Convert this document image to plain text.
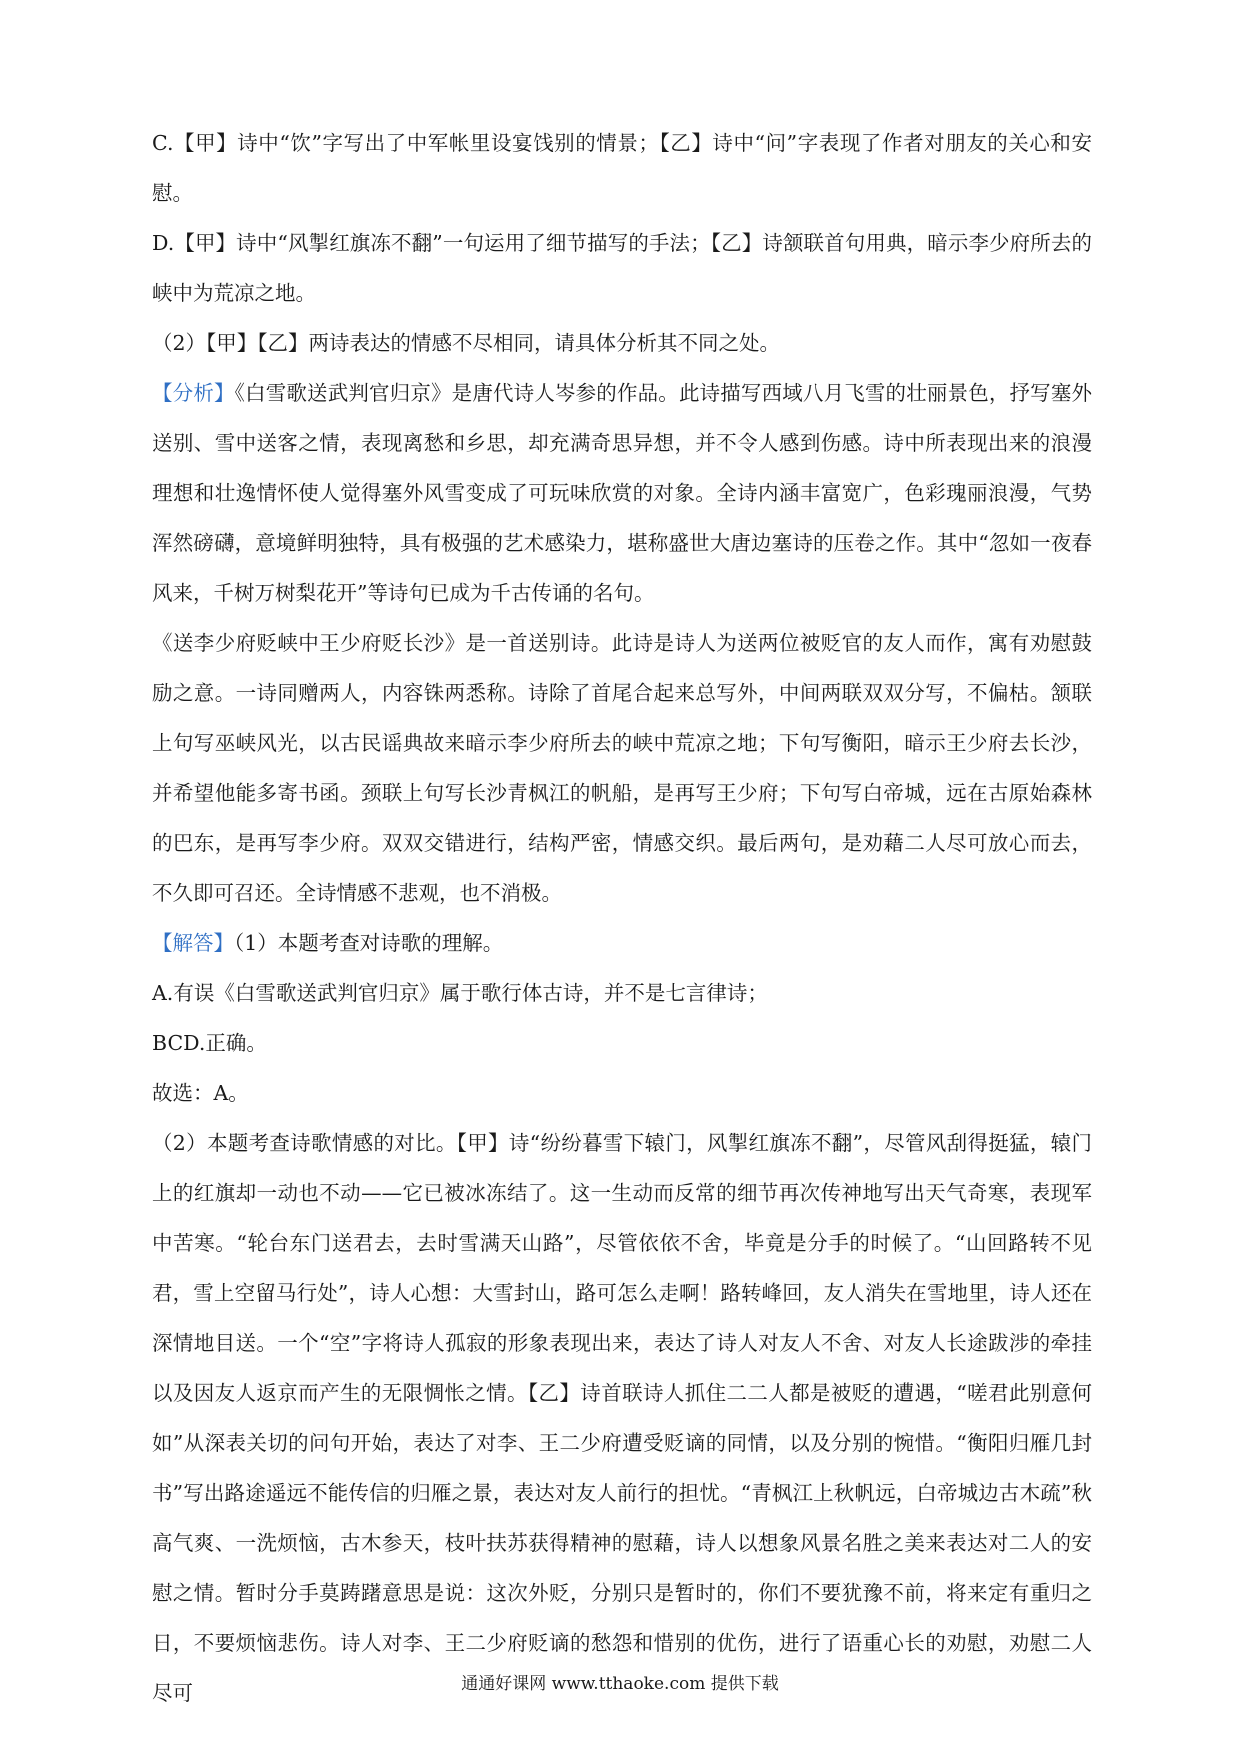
C.【甲】诗中“饮”字写出了中军帐里设宴饯别的情景；【乙】诗中“问”字表现了作者对朋友的关心和安慰。

D.【甲】诗中“风掣红旗冻不翻”一句运用了细节描写的手法；【乙】诗颔联首句用典，暗示李少府所去的峡中为荒凉之地。

（2）【甲】【乙】两诗表达的情感不尽相同，请具体分析其不同之处。

【分析】《白雪歌送武判官归京》是唐代诗人岑参的作品。此诗描写西域八月飞雪的壮丽景色，抒写塞外送别、雪中送客之情，表现离愁和乡思，却充满奇思异想，并不令人感到伤感。诗中所表现出来的浪漫理想和壮逸情怀使人觉得塞外风雪变成了可玩味欣赏的对象。全诗内涵丰富宽广，色彩瑰丽浪漫，气势浑然磅礴，意境鲜明独特，具有极强的艺术感染力，堪称盛世大唐边塞诗的压卷之作。其中“忽如一夜春风来，千树万树梨花开”等诗句已成为千古传诵的名句。

《送李少府贬峡中王少府贬长沙》是一首送别诗。此诗是诗人为送两位被贬官的友人而作，寓有劝慰鼓励之意。一诗同赠两人，内容铢两悉称。诗除了首尾合起来总写外，中间两联双双分写，不偏枯。颔联上句写巫峡风光，以古民谣典故来暗示李少府所去的峡中荒凉之地；下句写衡阳，暗示王少府去长沙，并希望他能多寄书函。颈联上句写长沙青枫江的帆船，是再写王少府；下句写白帝城，远在古原始森林的巴东，是再写李少府。双双交错进行，结构严密，情感交织。最后两句，是劝藉二人尽可放心而去，不久即可召还。全诗情感不悲观，也不消极。

【解答】（1）本题考查对诗歌的理解。

A.有误《白雪歌送武判官归京》属于歌行体古诗，并不是七言律诗；

BCD.正确。

故选：A。

（2）本题考查诗歌情感的对比。【甲】诗“纷纷暮雪下辕门，风掣红旗冻不翻”，尽管风刮得挺猛，辕门上的红旗却一动也不动——它已被冰冻结了。这一生动而反常的细节再次传神地写出天气奇寒，表现军中苦寒。“轮台东门送君去，去时雪满天山路”，尽管依依不舍，毕竟是分手的时候了。“山回路转不见君，雪上空留马行处”，诗人心想：大雪封山，路可怎么走啊！路转峰回，友人消失在雪地里，诗人还在深情地目送。一个“空”字将诗人孤寂的形象表现出来，表达了诗人对友人不舍、对友人长途跋涉的牵挂以及因友人返京而产生的无限惆怅之情。【乙】诗首联诗人抓住二二人都是被贬的遭遇，“嗟君此别意何如”从深表关切的问句开始，表达了对李、王二少府遭受贬谪的同情，以及分别的惋惜。“衡阳归雁几封书”写出路途遥远不能传信的归雁之景，表达对友人前行的担忧。“青枫江上秋帆远，白帝城边古木疏”秋高气爽、一洗烦恼，古木参天，枝叶扶苏获得精神的慰藉，诗人以想象风景名胜之美来表达对二人的安慰之情。暂时分手莫踌躇意思是说：这次外贬，分别只是暂时的，你们不要犹豫不前，将来定有重归之日，不要烦恼悲伤。诗人对李、王二少府贬谪的愁怨和惜别的优伤，进行了语重心长的劝慰，劝慰二人尽可	通通好课网 www.tthaoke.com 提供下载
